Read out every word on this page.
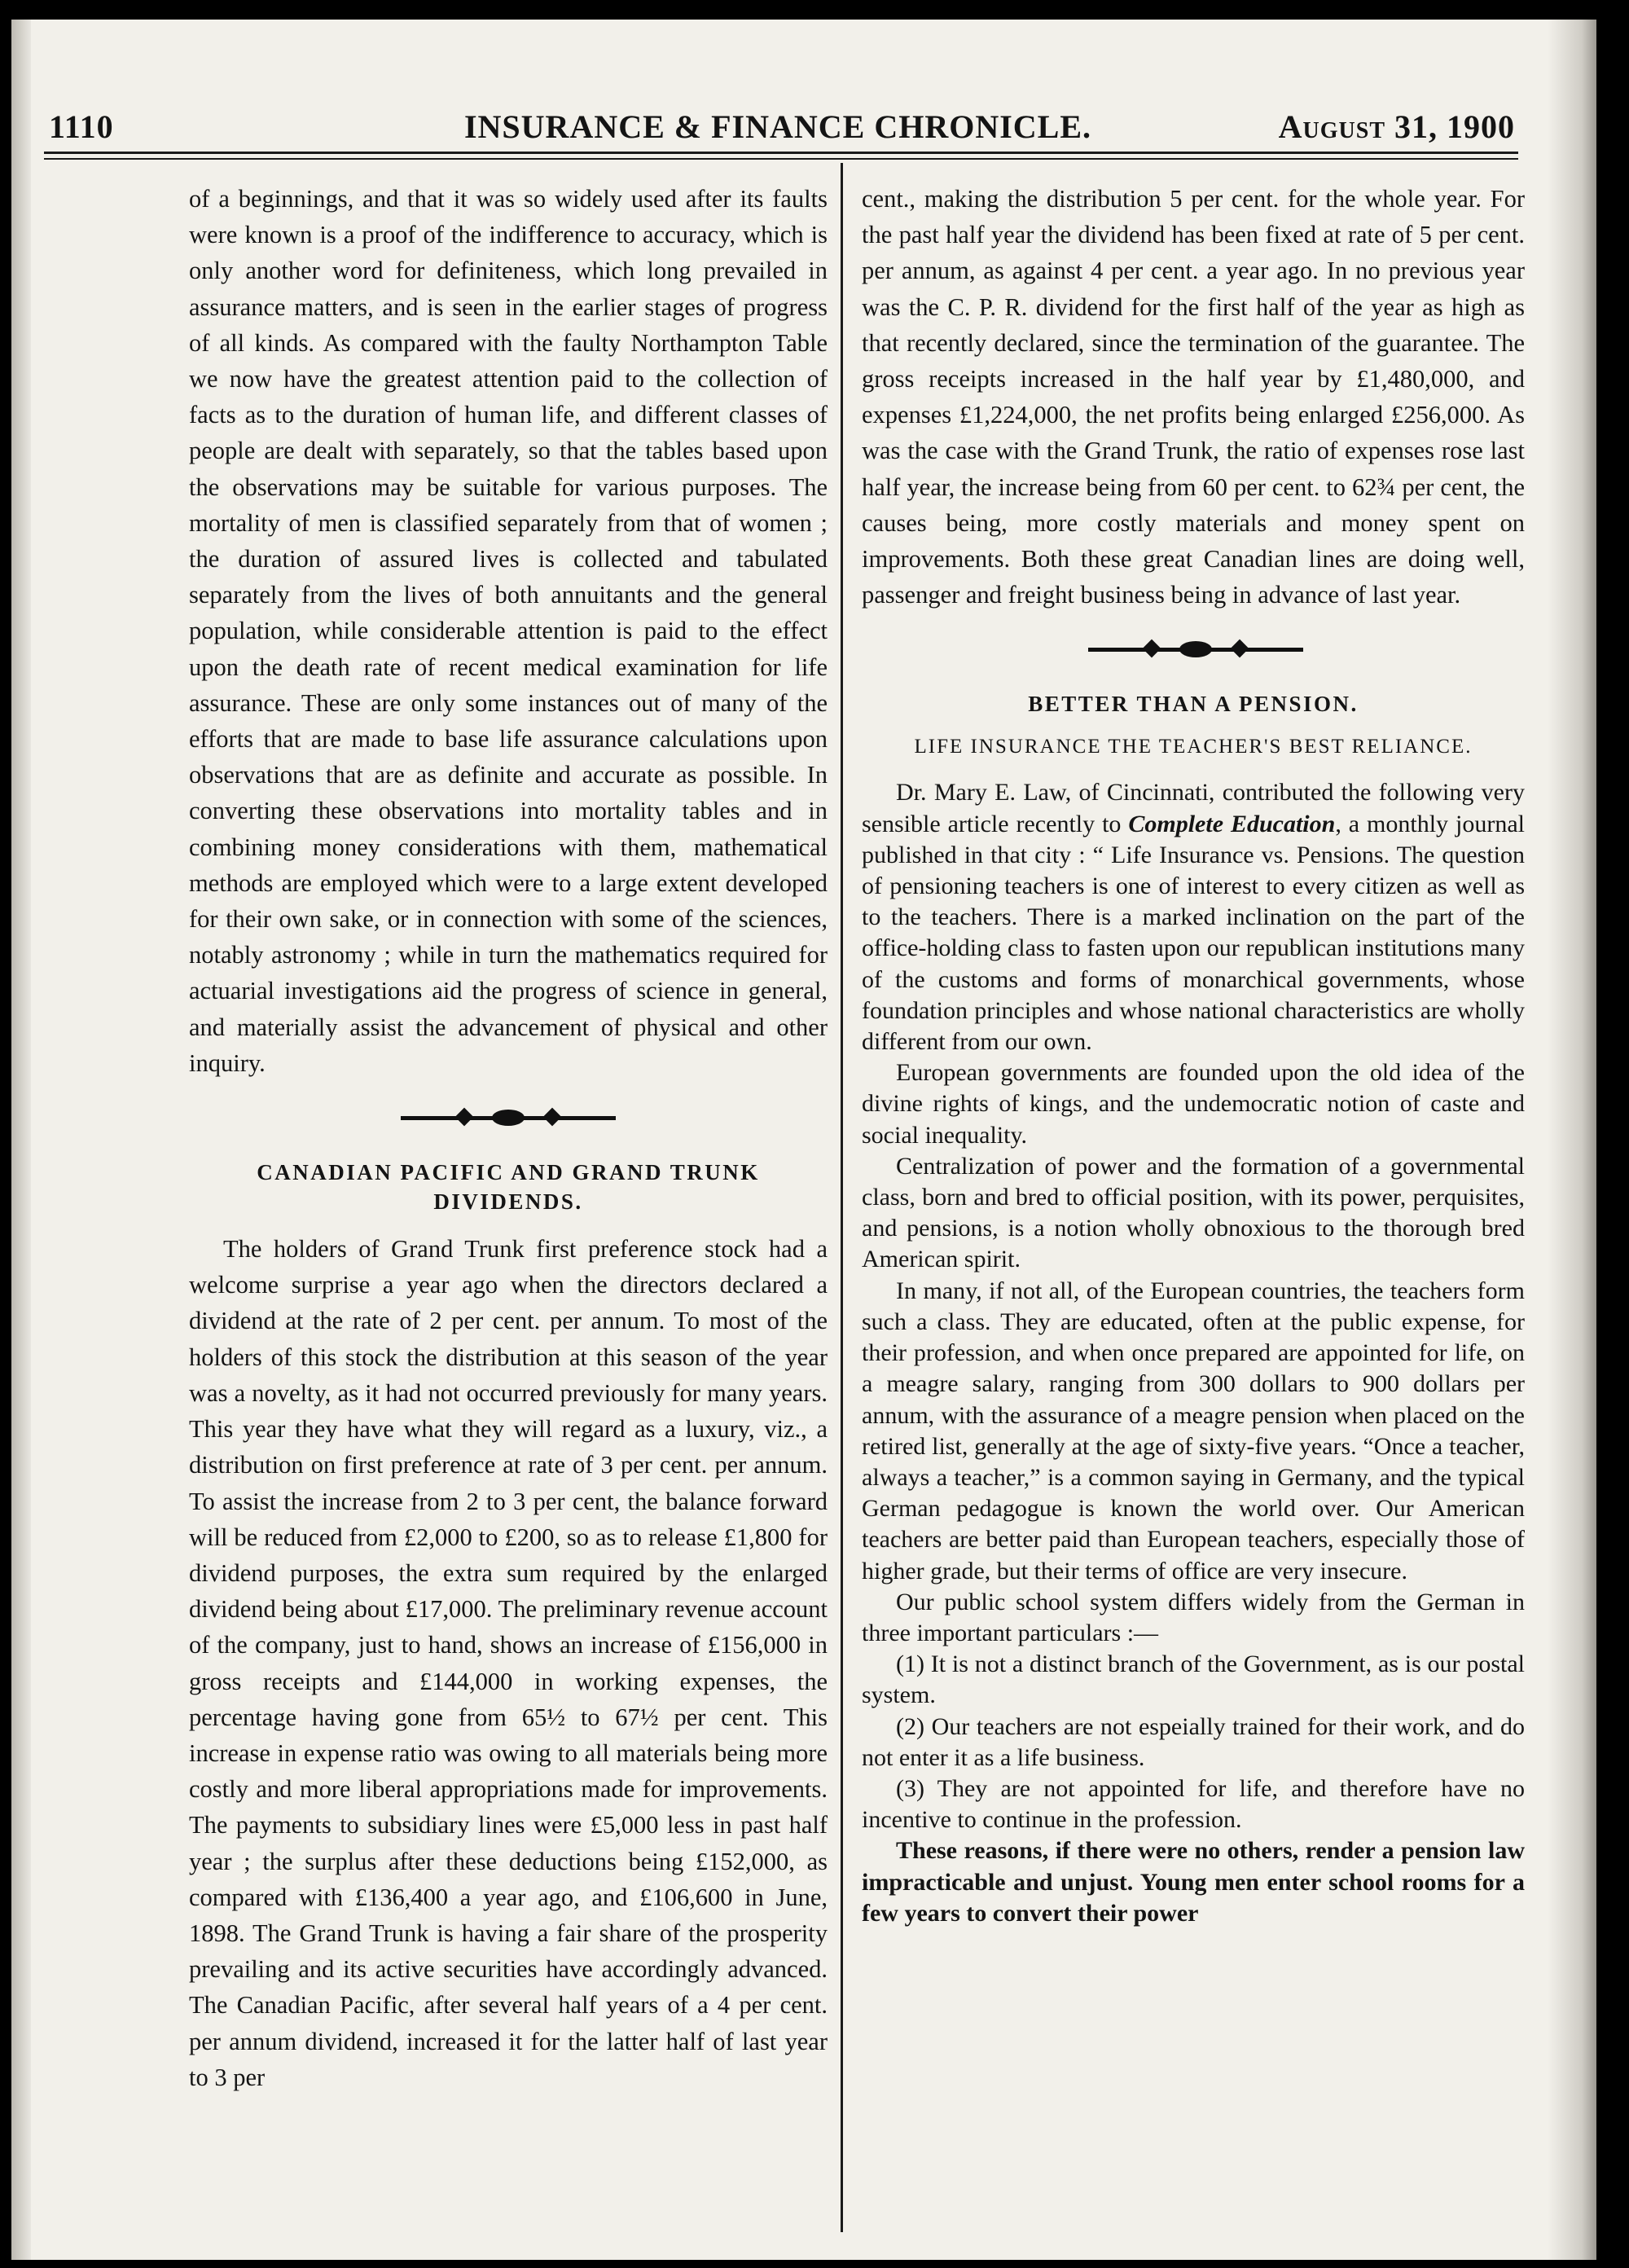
1110	INSURANCE & FINANCE CHRONICLE.	August 31, 1900

of a beginnings, and that it was so widely used after its faults were known is a proof of the indifference to accuracy, which is only another word for definiteness, which long prevailed in assurance matters, and is seen in the earlier stages of progress of all kinds. As compared with the faulty Northampton Table we now have the greatest attention paid to the collection of facts as to the duration of human life, and different classes of people are dealt with separately, so that the tables based upon the observations may be suitable for various purposes. The mortality of men is classified separately from that of women ; the duration of assured lives is collected and tabulated separately from the lives of both annuitants and the general population, while considerable attention is paid to the effect upon the death rate of recent medical examination for life assurance. These are only some instances out of many of the efforts that are made to base life assurance calculations upon observations that are as definite and accurate as possible. In converting these observations into mortality tables and in combining money considerations with them, mathematical methods are employed which were to a large extent developed for their own sake, or in connection with some of the sciences, notably astronomy ; while in turn the mathematics required for actuarial investigations aid the progress of science in general, and materially assist the advancement of physical and other inquiry.

CANADIAN PACIFIC AND GRAND TRUNK
DIVIDENDS.

The holders of Grand Trunk first preference stock had a welcome surprise a year ago when the directors declared a dividend at the rate of 2 per cent. per annum. To most of the holders of this stock the distribution at this season of the year was a novelty, as it had not occurred previously for many years. This year they have what they will regard as a luxury, viz., a distribution on first preference at rate of 3 per cent. per annum. To assist the increase from 2 to 3 per cent, the balance forward will be reduced from £2,000 to £200, so as to release £1,800 for dividend purposes, the extra sum required by the enlarged dividend being about £17,000. The preliminary revenue account of the company, just to hand, shows an increase of £156,000 in gross receipts and £144,000 in working expenses, the percentage having gone from 65½ to 67½ per cent. This increase in expense ratio was owing to all materials being more costly and more liberal appropriations made for improvements. The payments to subsidiary lines were £5,000 less in past half year ; the surplus after these deductions being £152,000, as compared with £136,400 a year ago, and £106,600 in June, 1898. The Grand Trunk is having a fair share of the prosperity prevailing and its active securities have accordingly advanced. The Canadian Pacific, after several half years of a 4 per cent. per annum dividend, increased it for the latter half of last year to 3 per

cent., making the distribution 5 per cent. for the whole year. For the past half year the dividend has been fixed at rate of 5 per cent. per annum, as against 4 per cent. a year ago. In no previous year was the C. P. R. dividend for the first half of the year as high as that recently declared, since the termination of the guarantee. The gross receipts increased in the half year by £1,480,000, and expenses £1,224,000, the net profits being enlarged £256,000. As was the case with the Grand Trunk, the ratio of expenses rose last half year, the increase being from 60 per cent. to 62¾ per cent, the causes being, more costly materials and money spent on improvements. Both these great Canadian lines are doing well, passenger and freight business being in advance of last year.

BETTER THAN A PENSION.
LIFE INSURANCE THE TEACHER'S BEST RELIANCE.

Dr. Mary E. Law, of Cincinnati, contributed the following very sensible article recently to Complete Education, a monthly journal published in that city : “ Life Insurance vs. Pensions. The question of pensioning teachers is one of interest to every citizen as well as to the teachers. There is a marked inclination on the part of the office-holding class to fasten upon our republican institutions many of the customs and forms of monarchical governments, whose foundation principles and whose national characteristics are wholly different from our own.

European governments are founded upon the old idea of the divine rights of kings, and the undemocratic notion of caste and social inequality.

Centralization of power and the formation of a governmental class, born and bred to official position, with its power, perquisites, and pensions, is a notion wholly obnoxious to the thorough bred American spirit.

In many, if not all, of the European countries, the teachers form such a class. They are educated, often at the public expense, for their profession, and when once prepared are appointed for life, on a meagre salary, ranging from 300 dollars to 900 dollars per annum, with the assurance of a meagre pension when placed on the retired list, generally at the age of sixty-five years. “Once a teacher, always a teacher,” is a common saying in Germany, and the typical German pedagogue is known the world over. Our American teachers are better paid than European teachers, especially those of higher grade, but their terms of office are very insecure.

Our public school system differs widely from the German in three important particulars :—

(1) It is not a distinct branch of the Government, as is our postal system.

(2) Our teachers are not espeially trained for their work, and do not enter it as a life business.

(3) They are not appointed for life, and therefore have no incentive to continue in the profession.

These reasons, if there were no others, render a pension law impracticable and unjust. Young men enter school rooms for a few years to convert their power
